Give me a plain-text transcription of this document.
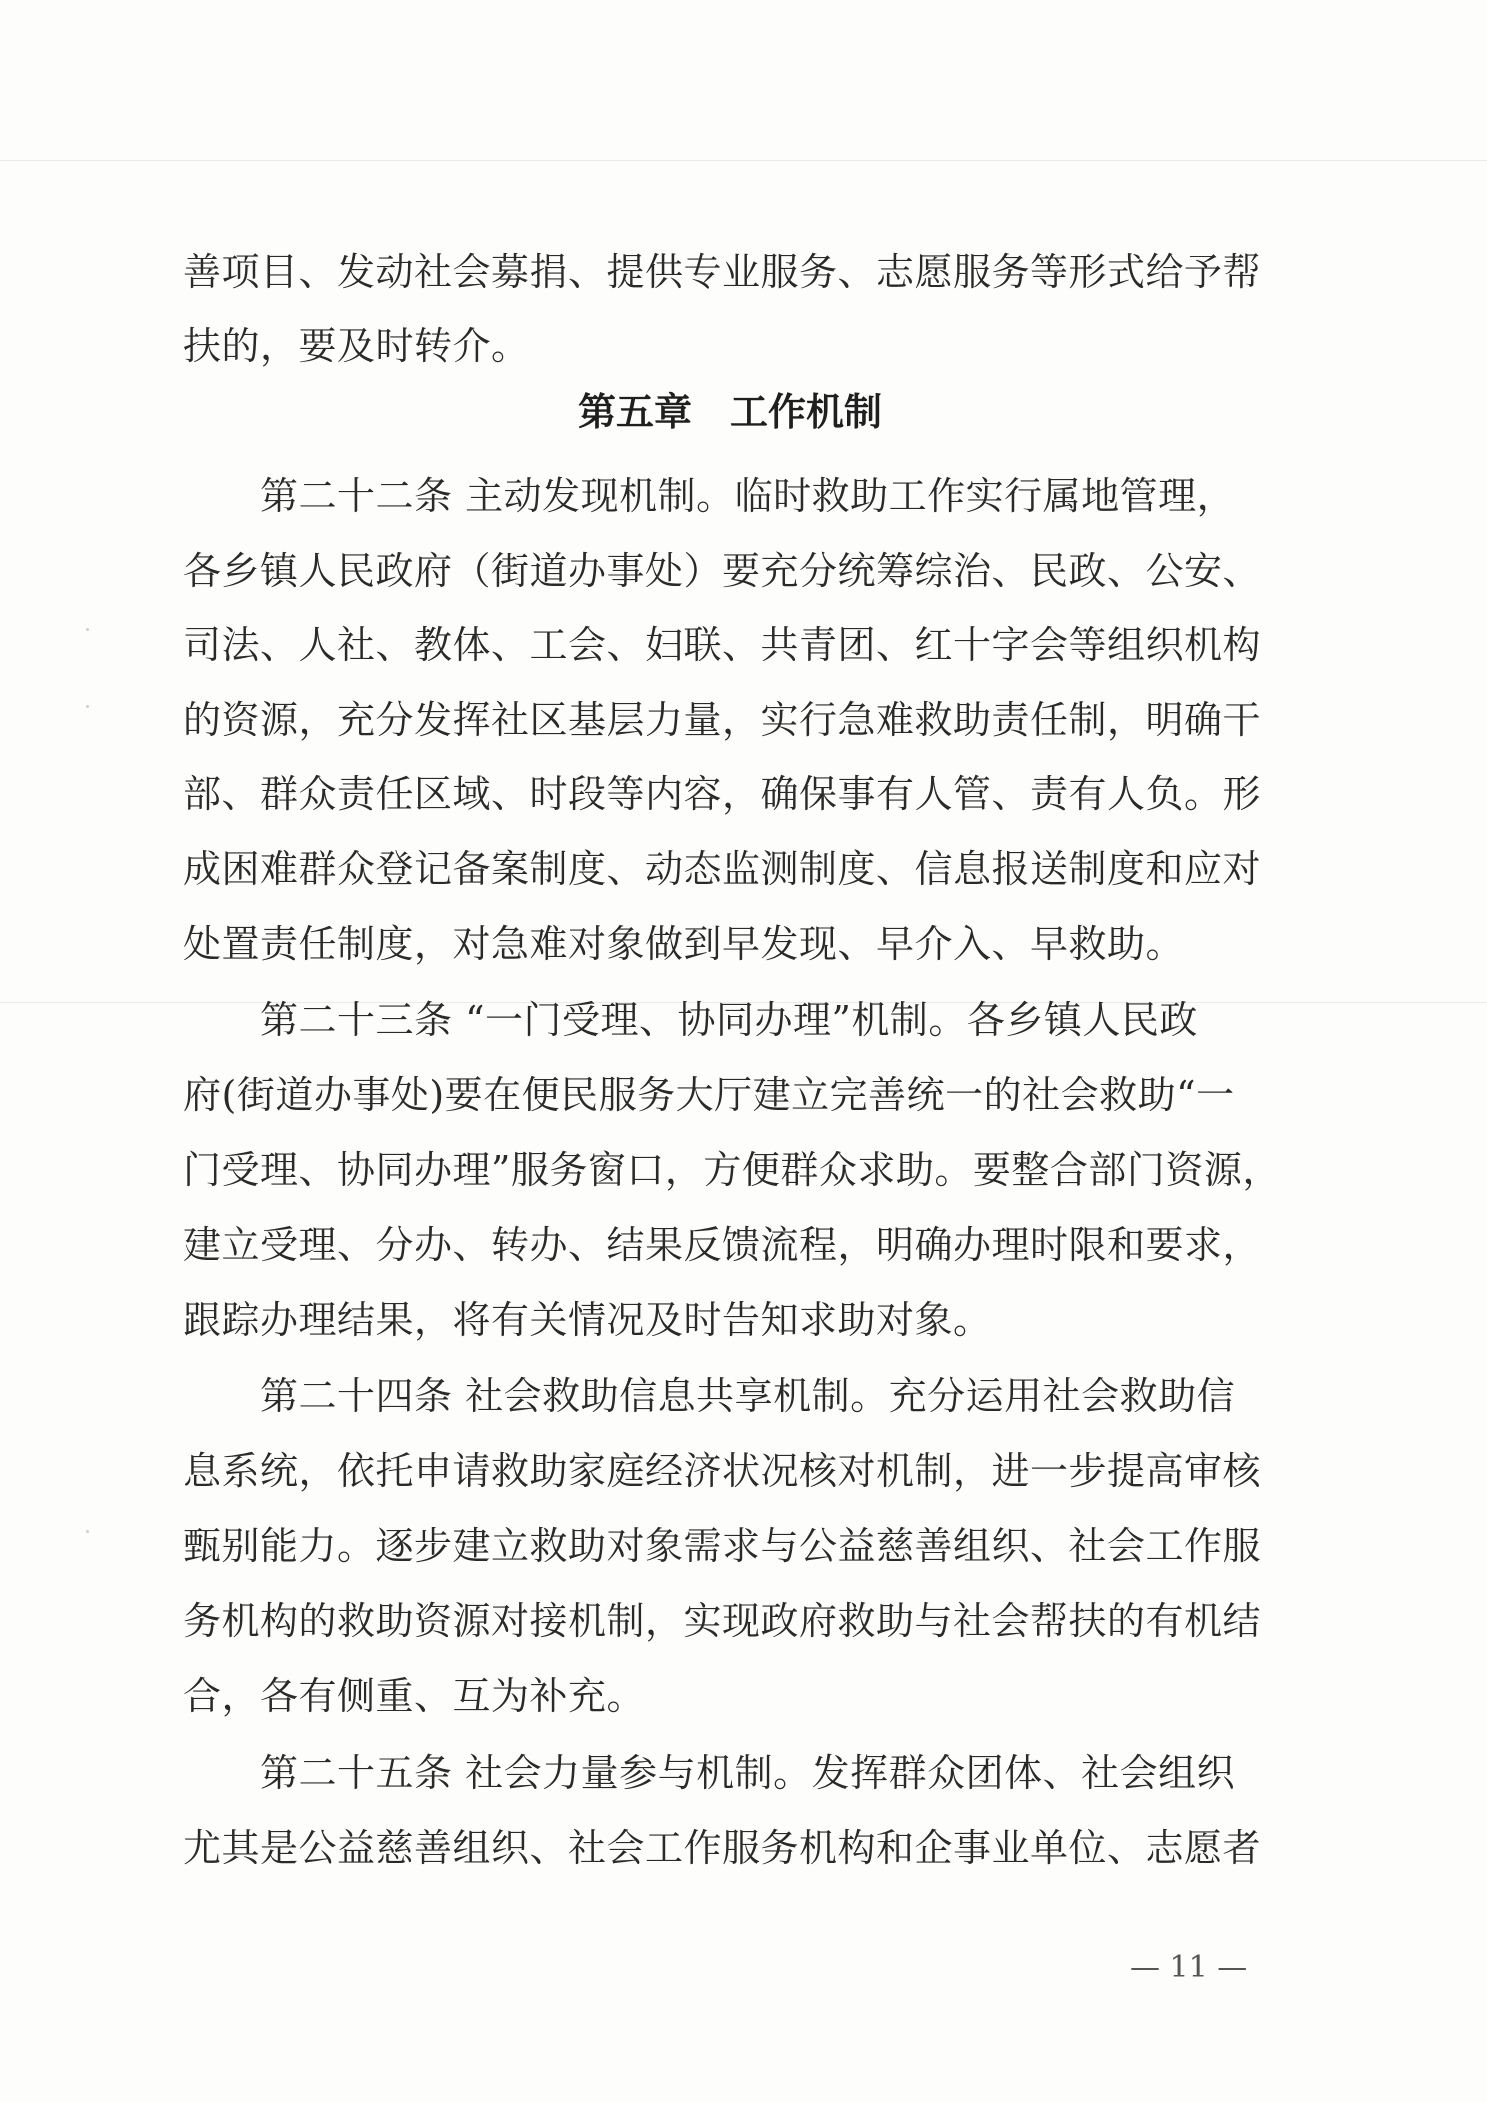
善项目、发动社会募捐、提供专业服务、志愿服务等形式给予帮
扶的，要及时转介。
第五章　工作机制
　　第二十二条 主动发现机制。临时救助工作实行属地管理，
各乡镇人民政府（街道办事处）要充分统筹综治、民政、公安、
司法、人社、教体、工会、妇联、共青团、红十字会等组织机构
的资源，充分发挥社区基层力量，实行急难救助责任制，明确干
部、群众责任区域、时段等内容，确保事有人管、责有人负。形
成困难群众登记备案制度、动态监测制度、信息报送制度和应对
处置责任制度，对急难对象做到早发现、早介入、早救助。
　　第二十三条 “一门受理、协同办理”机制。各乡镇人民政
府(街道办事处)要在便民服务大厅建立完善统一的社会救助“一
门受理、协同办理”服务窗口，方便群众求助。要整合部门资源，
建立受理、分办、转办、结果反馈流程，明确办理时限和要求，
跟踪办理结果，将有关情况及时告知求助对象。
　　第二十四条 社会救助信息共享机制。充分运用社会救助信
息系统，依托申请救助家庭经济状况核对机制，进一步提高审核
甄别能力。逐步建立救助对象需求与公益慈善组织、社会工作服
务机构的救助资源对接机制，实现政府救助与社会帮扶的有机结
合，各有侧重、互为补充。
　　第二十五条 社会力量参与机制。发挥群众团体、社会组织
尤其是公益慈善组织、社会工作服务机构和企事业单位、志愿者
— 11 —
